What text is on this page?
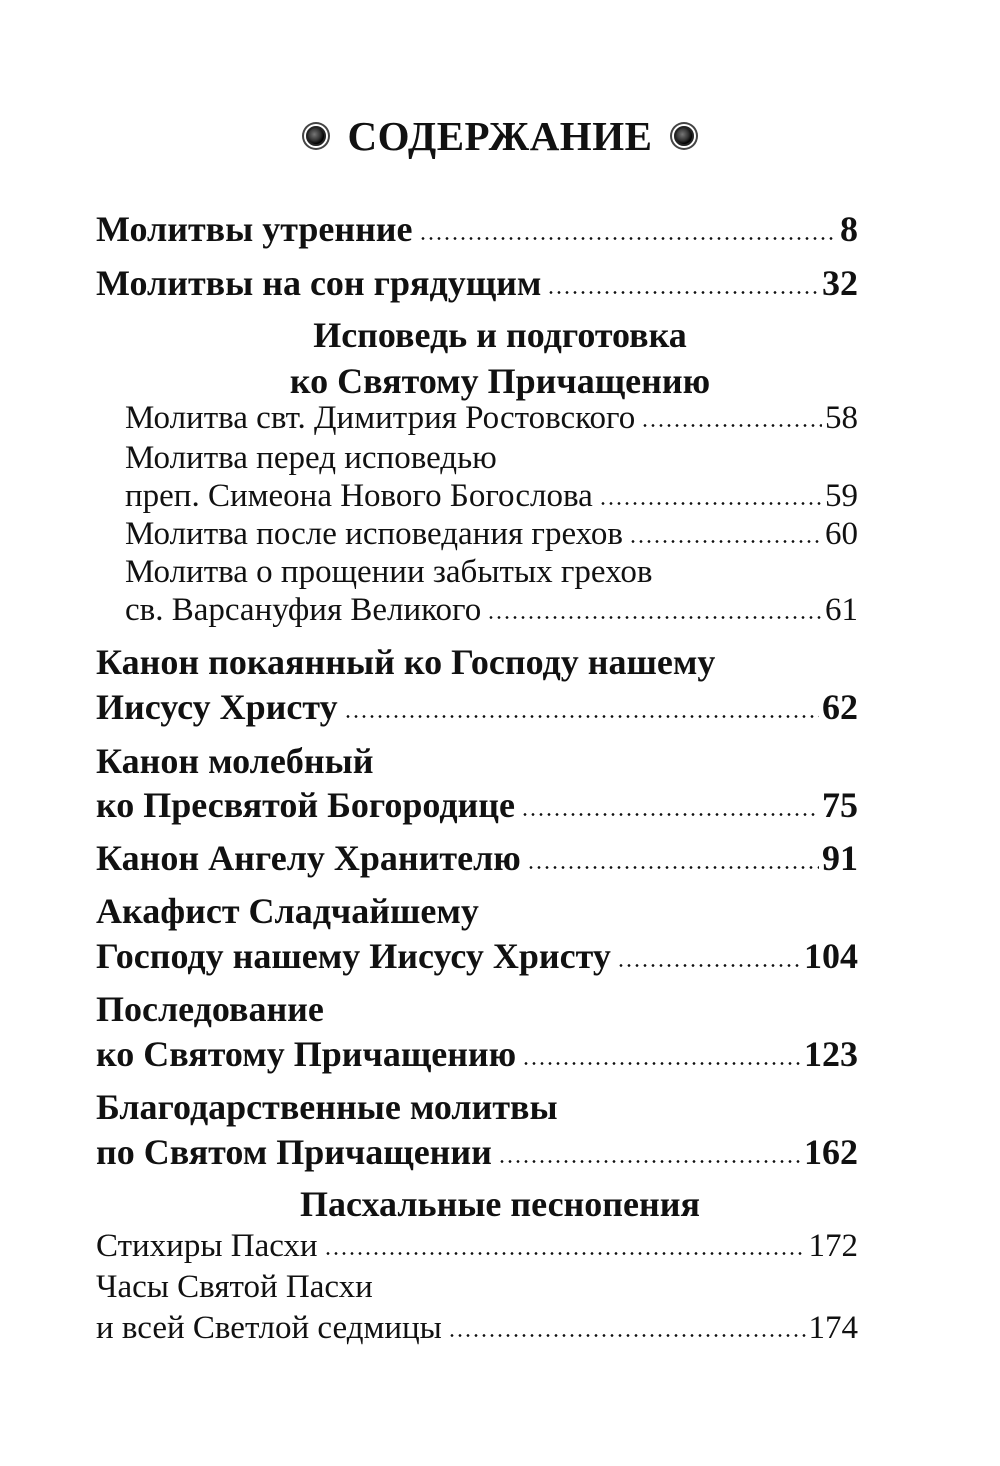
СОДЕРЖАНИЕ
Молитвы утренние	8
Молитвы на сон грядущим	32
Исповедь и подготовка
ко Святому Причащению
Молитва свт. Димитрия Ростовского	58
Молитва перед исповедью
преп. Симеона Нового Богослова	59
Молитва после исповедания грехов	60
Молитва о прощении забытых грехов
св. Варсануфия Великого	61
Канон покаянный ко Господу нашему
Иисусу Христу	62
Канон молебный
ко Пресвятой Богородице	75
Канон Ангелу Хранителю	91
Акафист Сладчайшему
Господу нашему Иисусу Христу	104
Последование
ко Святому Причащению	123
Благодарственные молитвы
по Святом Причащении	162
Пасхальные песнопения
Стихиры Пасхи	172
Часы Святой Пасхи
и всей Светлой седмицы	174
